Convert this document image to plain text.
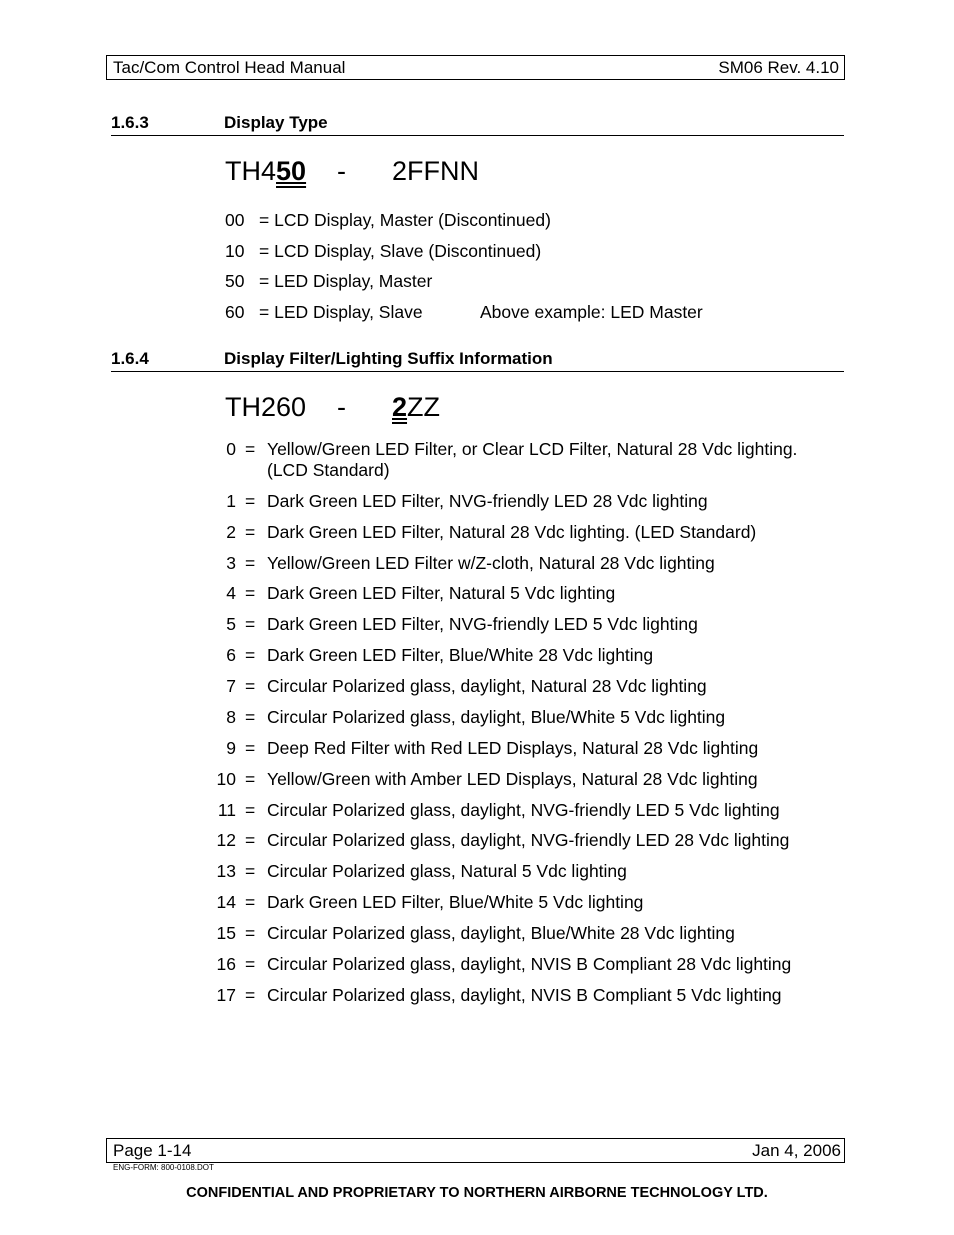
Tac/Com Control Head Manual	SM06 Rev. 4.10
1.6.3	Display Type
TH450 - 2FFNN
00 = LCD Display, Master (Discontinued)
10 = LCD Display, Slave (Discontinued)
50 = LED Display, Master
60 = LED Display, Slave	Above example: LED Master
1.6.4	Display Filter/Lighting Suffix Information
TH260 - 2ZZ
0 = Yellow/Green LED Filter, or Clear LCD Filter, Natural 28 Vdc lighting.
(LCD Standard)
1 = Dark Green LED Filter, NVG-friendly LED 28 Vdc lighting
2 = Dark Green LED Filter, Natural 28 Vdc lighting. (LED Standard)
3 = Yellow/Green LED Filter w/Z-cloth, Natural 28 Vdc lighting
4 = Dark Green LED Filter, Natural 5 Vdc lighting
5 = Dark Green LED Filter, NVG-friendly LED 5 Vdc lighting
6 = Dark Green LED Filter, Blue/White 28 Vdc lighting
7 = Circular Polarized glass, daylight, Natural 28 Vdc lighting
8 = Circular Polarized glass, daylight, Blue/White 5 Vdc lighting
9 = Deep Red Filter with Red LED Displays, Natural 28 Vdc lighting
10 = Yellow/Green with Amber LED Displays, Natural 28 Vdc lighting
11 = Circular Polarized glass, daylight, NVG-friendly LED 5 Vdc lighting
12 = Circular Polarized glass, daylight, NVG-friendly LED 28 Vdc lighting
13 = Circular Polarized glass, Natural 5 Vdc lighting
14 = Dark Green LED Filter, Blue/White 5 Vdc lighting
15 = Circular Polarized glass, daylight, Blue/White 28 Vdc lighting
16 = Circular Polarized glass, daylight, NVIS B Compliant 28 Vdc lighting
17 = Circular Polarized glass, daylight, NVIS B Compliant 5 Vdc lighting
Page 1-14	Jan 4, 2006
ENG-FORM: 800-0108.DOT
CONFIDENTIAL AND PROPRIETARY TO NORTHERN AIRBORNE TECHNOLOGY LTD.
